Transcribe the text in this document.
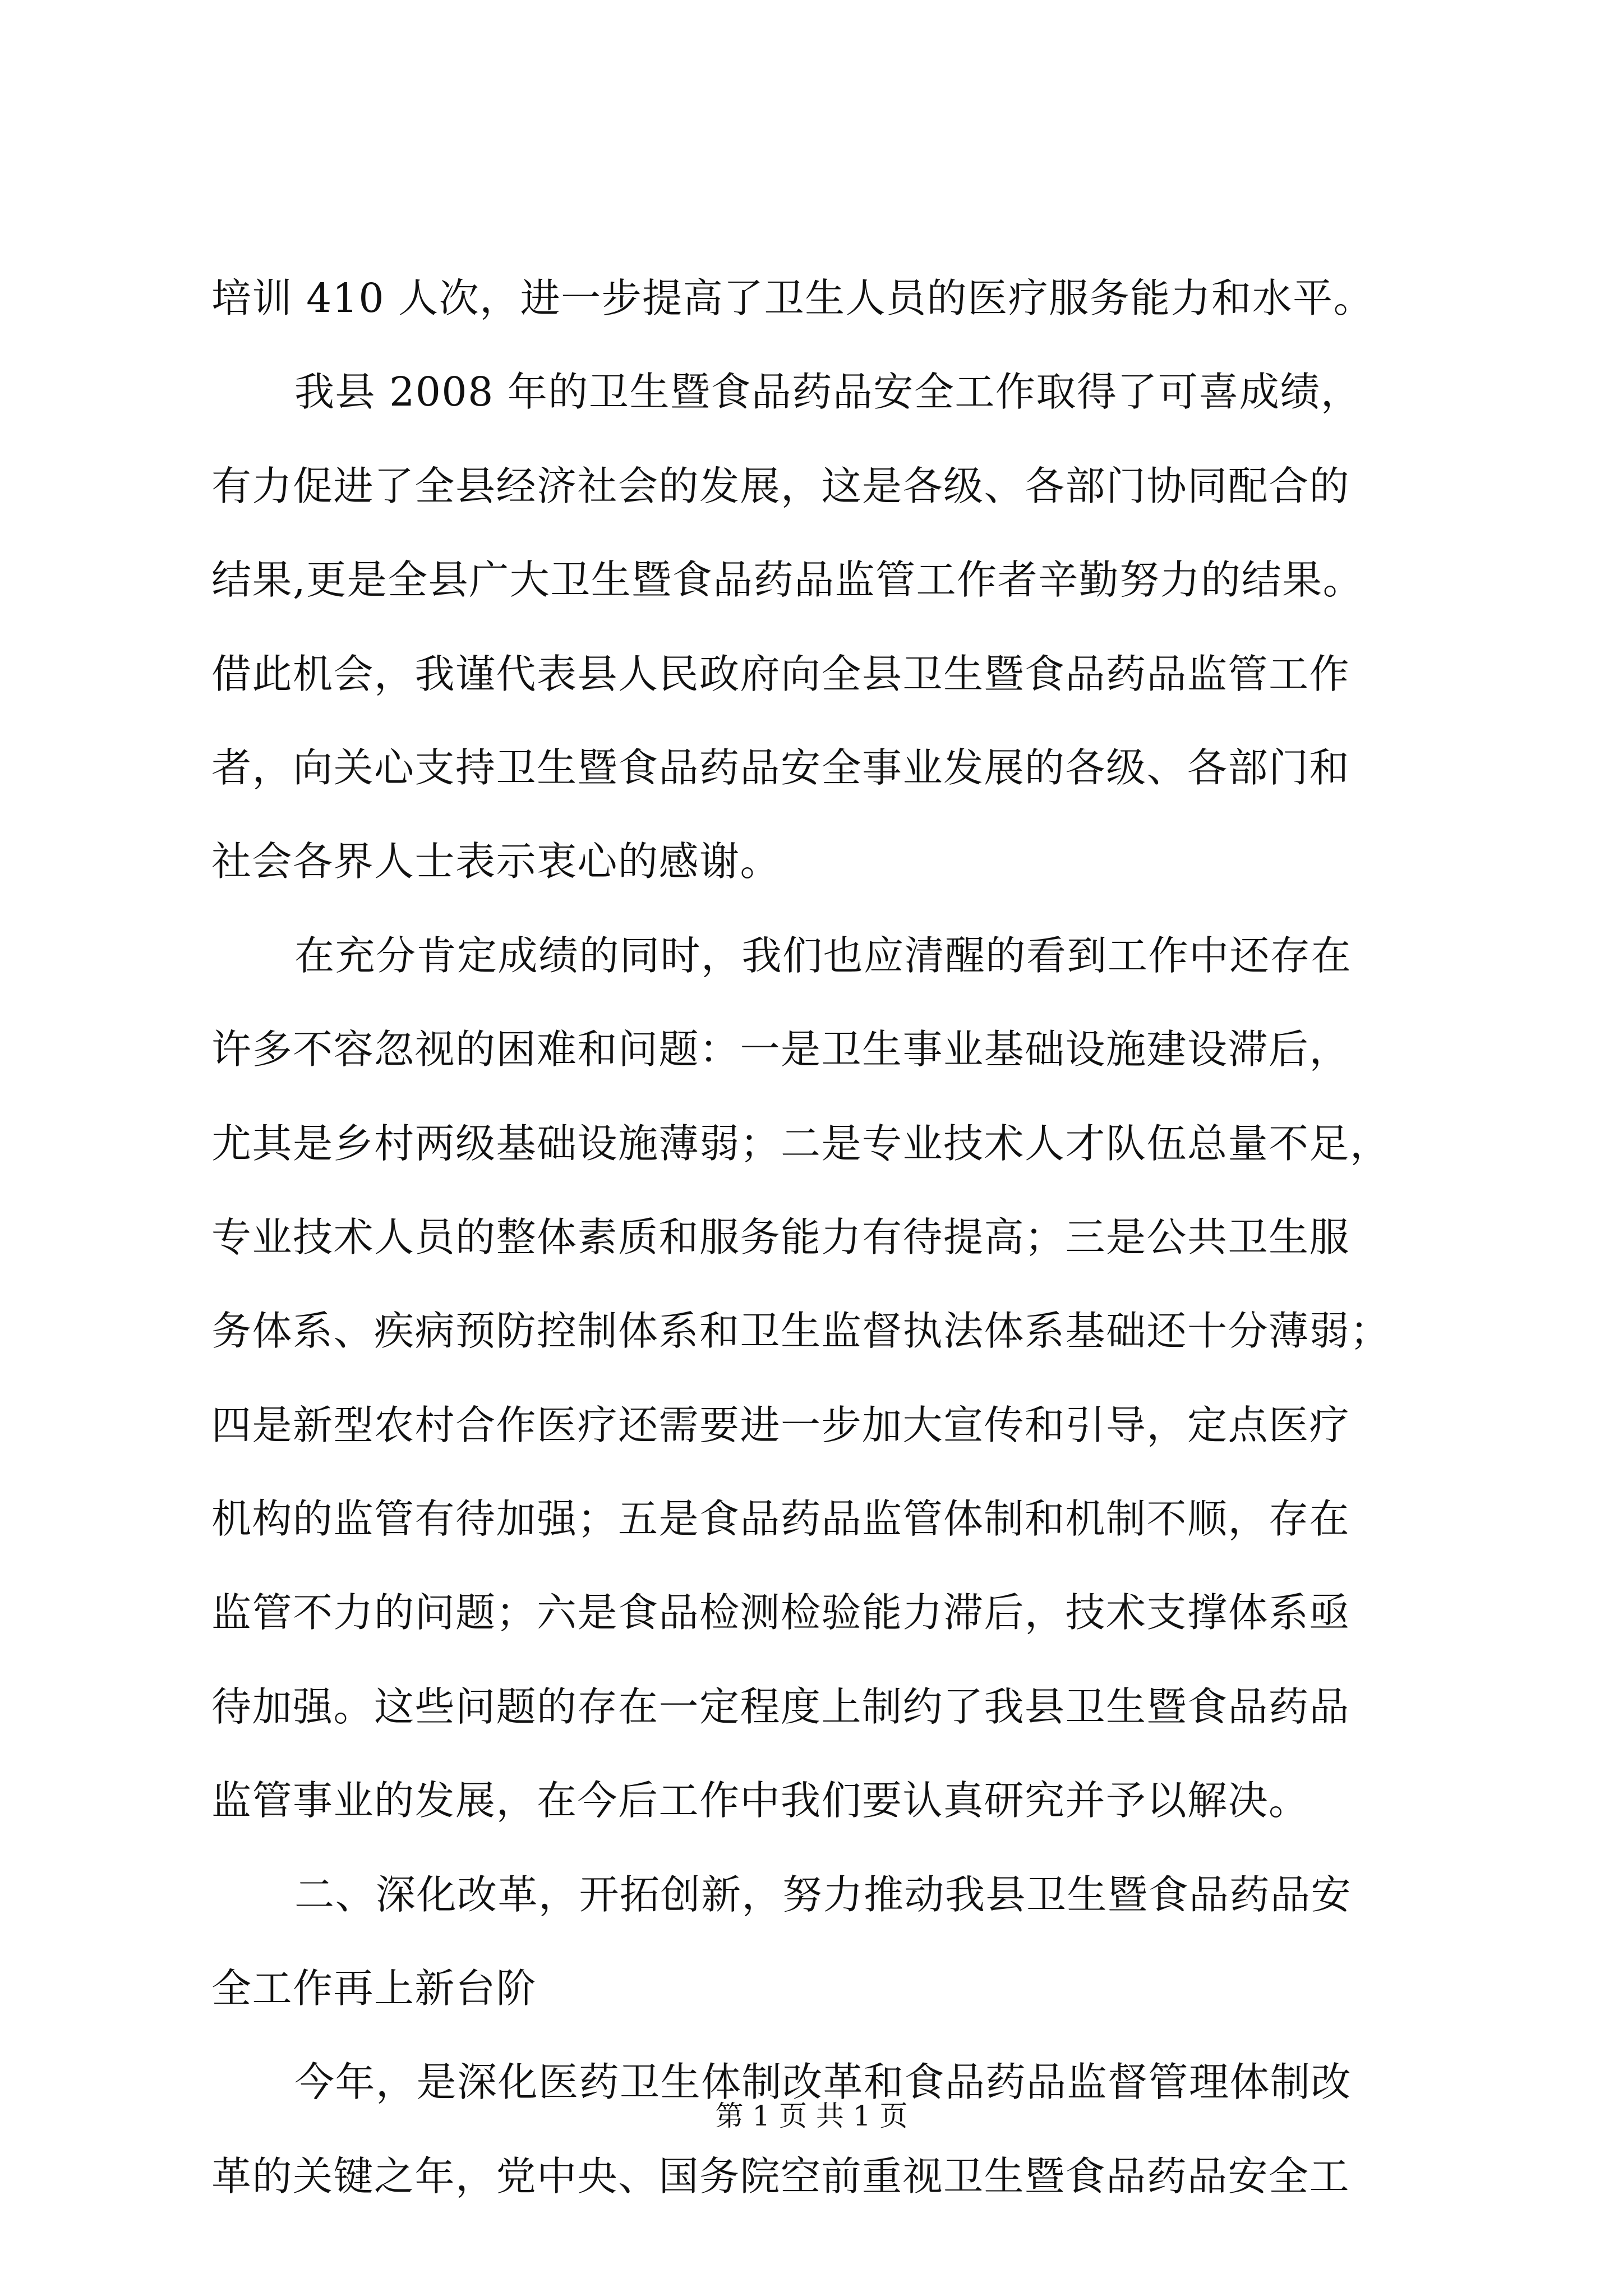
培训 410 人次，进一步提高了卫生人员的医疗服务能力和水平。
我县 2008 年的卫生暨食品药品安全工作取得了可喜成绩，
有力促进了全县经济社会的发展，这是各级、各部门协同配合的
结果,更是全县广大卫生暨食品药品监管工作者辛勤努力的结果。
借此机会，我谨代表县人民政府向全县卫生暨食品药品监管工作
者，向关心支持卫生暨食品药品安全事业发展的各级、各部门和
社会各界人士表示衷心的感谢。
在充分肯定成绩的同时，我们也应清醒的看到工作中还存在
许多不容忽视的困难和问题：一是卫生事业基础设施建设滞后，
尤其是乡村两级基础设施薄弱；二是专业技术人才队伍总量不足，
专业技术人员的整体素质和服务能力有待提高；三是公共卫生服
务体系、疾病预防控制体系和卫生监督执法体系基础还十分薄弱；
四是新型农村合作医疗还需要进一步加大宣传和引导，定点医疗
机构的监管有待加强；五是食品药品监管体制和机制不顺，存在
监管不力的问题；六是食品检测检验能力滞后，技术支撑体系亟
待加强。这些问题的存在一定程度上制约了我县卫生暨食品药品
监管事业的发展，在今后工作中我们要认真研究并予以解决。
二、深化改革，开拓创新，努力推动我县卫生暨食品药品安
全工作再上新台阶
今年，是深化医药卫生体制改革和食品药品监督管理体制改
革的关键之年，党中央、国务院空前重视卫生暨食品药品安全工
第 1 页 共 1 页
